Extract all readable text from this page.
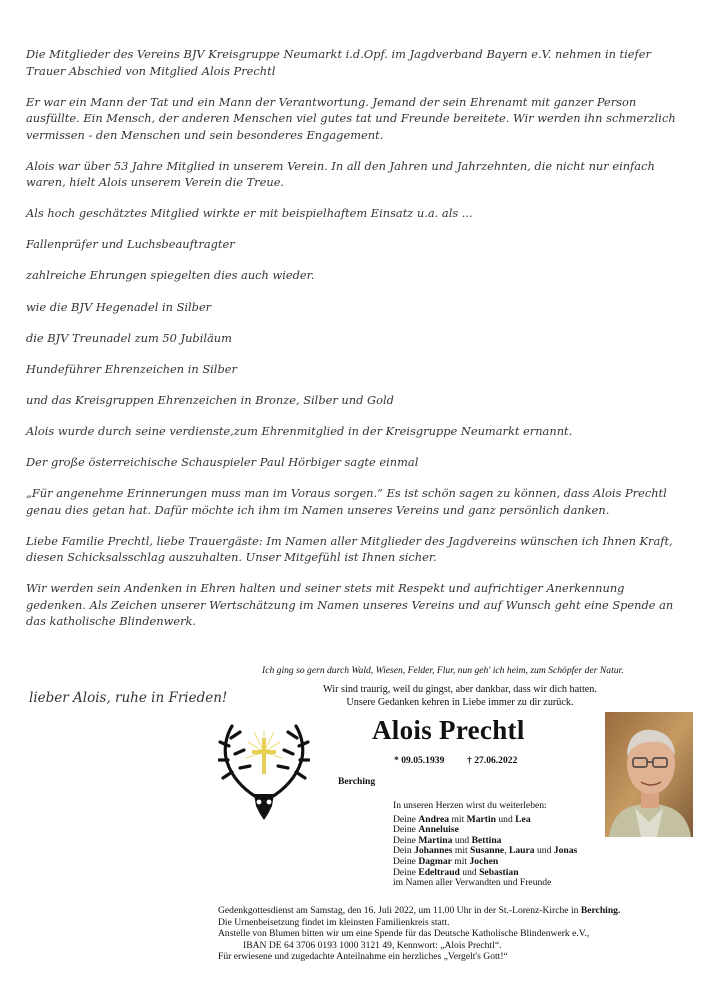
Die Mitglieder des Vereins BJV Kreisgruppe Neumarkt i.d.Opf. im Jagdverband Bayern e.V. nehmen in tiefer Trauer Abschied von Mitglied Alois Prechtl

Er war ein Mann der Tat und ein Mann der Verantwortung. Jemand der sein Ehrenamt mit ganzer Person ausfüllte. Ein Mensch, der anderen Menschen viel gutes tat und Freunde bereitete. Wir werden ihn schmerzlich vermissen - den Menschen und sein besonderes Engagement.

Alois war über 53 Jahre Mitglied in unserem Verein. In all den Jahren und Jahrzehnten, die nicht nur einfach waren, hielt Alois unserem Verein die Treue.

Als hoch geschätztes Mitglied wirkte er mit beispielhaftem Einsatz u.a. als ...

Fallenprüfer und Luchsbeauftragter

zahlreiche Ehrungen spiegelten dies auch wieder.

wie die BJV Hegenadel in Silber

die BJV Treunadel zum 50 Jubiläum

Hundeführer Ehrenzeichen in Silber

und das Kreisgruppen Ehrenzeichen in Bronze, Silber und Gold

Alois wurde durch seine verdienste,zum Ehrenmitglied in der Kreisgruppe Neumarkt ernannt.

Der große österreichische Schauspieler Paul Hörbiger sagte einmal

„Für angenehme Erinnerungen muss man im Voraus sorgen.“ Es ist schön sagen zu können, dass Alois Prechtl genau dies getan hat. Dafür möchte ich ihm im Namen unseres Vereins und ganz persönlich danken.

Liebe Familie Prechtl, liebe Trauergäste: Im Namen aller Mitglieder des Jagdvereins wünschen ich Ihnen Kraft, diesen Schicksalsschlag auszuhalten. Unser Mitgefühl ist Ihnen sicher.

Wir werden sein Andenken in Ehren halten und seiner stets mit Respekt und aufrichtiger Anerkennung gedenken. Als Zeichen unserer Wertschätzung im Namen unseres Vereins und auf Wunsch geht eine Spende an das katholische Blindenwerk.

Ich ging so gern durch Wald, Wiesen, Felder, Flur, nun geh' ich heim, zum Schöpfer der Natur.
lieber Alois, ruhe in Frieden!
Wir sind traurig, weil du gingst, aber dankbar, dass wir dich hatten.
Unsere Gedanken kehren in Liebe immer zu dir zurück.
Alois Prechtl
* 09.05.1939 † 27.06.2022
Berching
In unseren Herzen wirst du weiterleben:
Deine Andrea mit Martin und Lea
Deine Anneluise
Deine Martina und Bettina
Dein Johannes mit Susanne, Laura und Jonas
Deine Dagmar mit Jochen
Deine Edeltraud und Sebastian
im Namen aller Verwandten und Freunde
Gedenkgottesdienst am Samstag, den 16. Juli 2022, um 11.00 Uhr in der St.-Lorenz-Kirche in Berching.
Die Urnenbeisetzung findet im kleinsten Familienkreis statt.
Anstelle von Blumen bitten wir um eine Spende für das Deutsche Katholische Blindenwerk e.V.,
IBAN DE 64 3706 0193 1000 3121 49, Kennwort: „Alois Prechtl“.
Für erwiesene und zugedachte Anteilnahme ein herzliches „Vergelt's Gott!“
